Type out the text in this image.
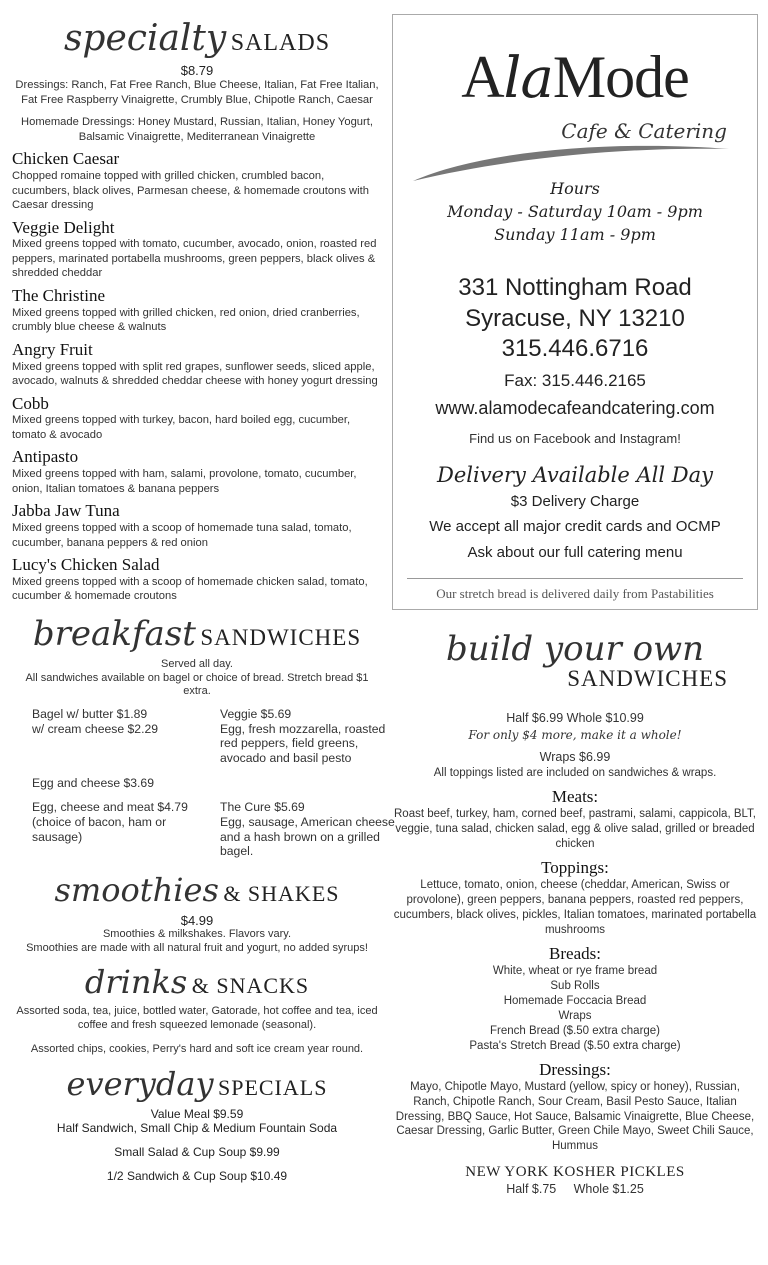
specialty SALADS
$8.79
Dressings: Ranch, Fat Free Ranch, Blue Cheese, Italian, Fat Free Italian, Fat Free Raspberry Vinaigrette, Crumbly Blue, Chipotle Ranch, Caesar
Homemade Dressings: Honey Mustard, Russian, Italian, Honey Yogurt, Balsamic Vinaigrette, Mediterranean Vinaigrette
Chicken Caesar
Chopped romaine topped with grilled chicken, crumbled bacon, cucumbers, black olives, Parmesan cheese, & homemade croutons with Caesar dressing
Veggie Delight
Mixed greens topped with tomato, cucumber, avocado, onion, roasted red peppers, marinated portabella mushrooms, green peppers, black olives & shredded cheddar
The Christine
Mixed greens topped with grilled chicken, red onion, dried cranberries, crumbly blue cheese & walnuts
Angry Fruit
Mixed greens topped with split red grapes, sunflower seeds, sliced apple, avocado, walnuts & shredded cheddar cheese with honey yogurt dressing
Cobb
Mixed greens topped with turkey, bacon, hard boiled egg, cucumber, tomato & avocado
Antipasto
Mixed greens topped with ham, salami, provolone, tomato, cucumber, onion, Italian tomatoes & banana peppers
Jabba Jaw Tuna
Mixed greens topped with a scoop of homemade tuna salad, tomato, cucumber, banana peppers & red onion
Lucy's Chicken Salad
Mixed greens topped with a scoop of homemade chicken salad, tomato, cucumber & homemade croutons
breakfast SANDWICHES
Served all day.
All sandwiches available on bagel or choice of bread. Stretch bread $1 extra.
Bagel w/ butter $1.89
w/ cream cheese $2.29
Veggie $5.69
Egg, fresh mozzarella, roasted red peppers, field greens, avocado and basil pesto
Egg and cheese $3.69
Egg, cheese and meat $4.79
(choice of bacon, ham or sausage)
The Cure $5.69
Egg, sausage, American cheese and a hash brown on a grilled bagel.
smoothies & SHAKES
$4.99
Smoothies & milkshakes. Flavors vary.
Smoothies are made with all natural fruit and yogurt, no added syrups!
drinks & SNACKS
Assorted soda, tea, juice, bottled water, Gatorade, hot coffee and tea, iced coffee and fresh squeezed lemonade (seasonal).
Assorted chips, cookies, Perry's hard and soft ice cream year round.
everyday SPECIALS
Value Meal $9.59
Half Sandwich, Small Chip & Medium Fountain Soda
Small Salad & Cup Soup $9.99
1/2 Sandwich & Cup Soup $10.49
AlaMode
Cafe & Catering
Hours
Monday - Saturday 10am - 9pm
Sunday 11am - 9pm
331 Nottingham Road
Syracuse, NY 13210
315.446.6716
Fax: 315.446.2165
www.alamodecafeandcatering.com
Find us on Facebook and Instagram!
Delivery Available All Day
$3 Delivery Charge
We accept all major credit cards and OCMP
Ask about our full catering menu
Our stretch bread is delivered daily from Pastabilities
build your own
SANDWICHES
Half $6.99 Whole $10.99
For only $4 more, make it a whole!
Wraps $6.99
All toppings listed are included on sandwiches & wraps.
Meats:
Roast beef, turkey, ham, corned beef, pastrami, salami, cappicola, BLT, veggie, tuna salad, chicken salad, egg & olive salad, grilled or breaded chicken
Toppings:
Lettuce, tomato, onion, cheese (cheddar, American, Swiss or provolone), green peppers, banana peppers, roasted red peppers, cucumbers, black olives, pickles, Italian tomatoes, marinated portabella mushrooms
Breads:
White, wheat or rye frame bread
Sub Rolls
Homemade Foccacia Bread
Wraps
French Bread ($.50 extra charge)
Pasta's Stretch Bread ($.50 extra charge)
Dressings:
Mayo, Chipotle Mayo, Mustard (yellow, spicy or honey), Russian, Ranch, Chipotle Ranch, Sour Cream, Basil Pesto Sauce, Italian Dressing, BBQ Sauce, Hot Sauce, Balsamic Vinaigrette, Blue Cheese, Caesar Dressing, Garlic Butter, Green Chile Mayo, Sweet Chili Sauce, Hummus
NEW YORK KOSHER PICKLES
Half $.75     Whole $1.25
